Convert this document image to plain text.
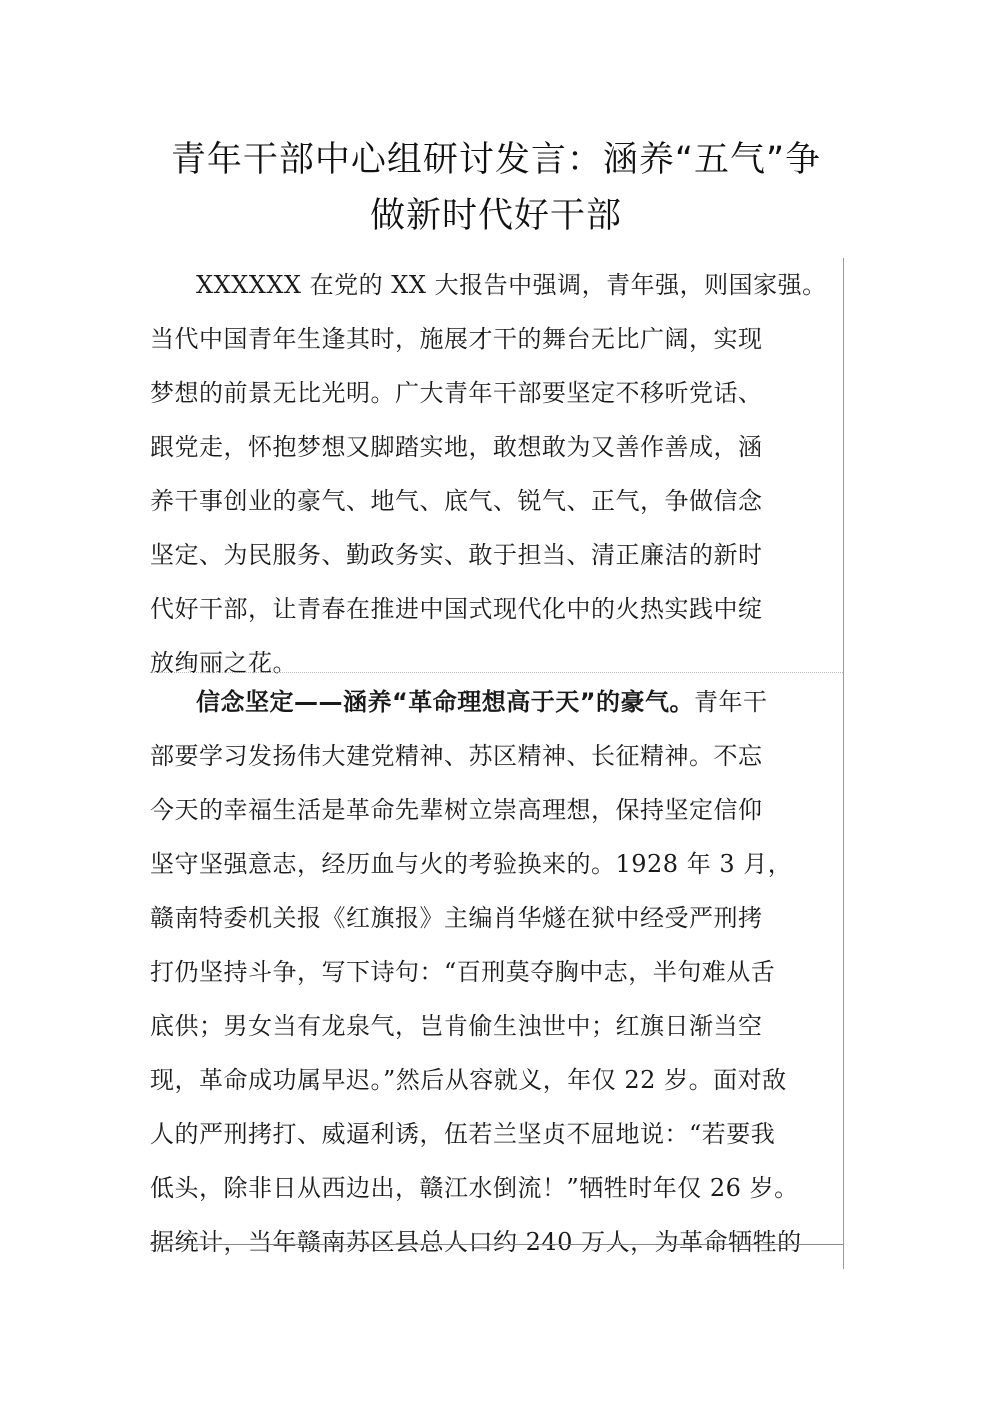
青年干部中心组研讨发言：涵养“五气”争
做新时代好干部
XXXXXX 在党的 XX 大报告中强调，青年强，则国家强。
当代中国青年生逢其时，施展才干的舞台无比广阔，实现
梦想的前景无比光明。广大青年干部要坚定不移听党话、
跟党走，怀抱梦想又脚踏实地，敢想敢为又善作善成，涵
养干事创业的豪气、地气、底气、锐气、正气，争做信念
坚定、为民服务、勤政务实、敢于担当、清正廉洁的新时
代好干部，让青春在推进中国式现代化中的火热实践中绽
放绚丽之花。
信念坚定——涵养“革命理想高于天”的豪气。青年干
部要学习发扬伟大建党精神、苏区精神、长征精神。不忘
今天的幸福生活是革命先辈树立崇高理想，保持坚定信仰
坚守坚强意志，经历血与火的考验换来的。1928 年 3 月，
赣南特委机关报《红旗报》主编肖华燧在狱中经受严刑拷
打仍坚持斗争，写下诗句：“百刑莫夺胸中志，半句难从舌
底供；男女当有龙泉气，岂肯偷生浊世中；红旗日渐当空
现，革命成功属早迟。”然后从容就义，年仅 22 岁。面对敌
人的严刑拷打、威逼利诱，伍若兰坚贞不屈地说：“若要我
低头，除非日从西边出，赣江水倒流！”牺牲时年仅 26 岁。
据统计，当年赣南苏区县总人口约 240 万人，为革命牺牲的
